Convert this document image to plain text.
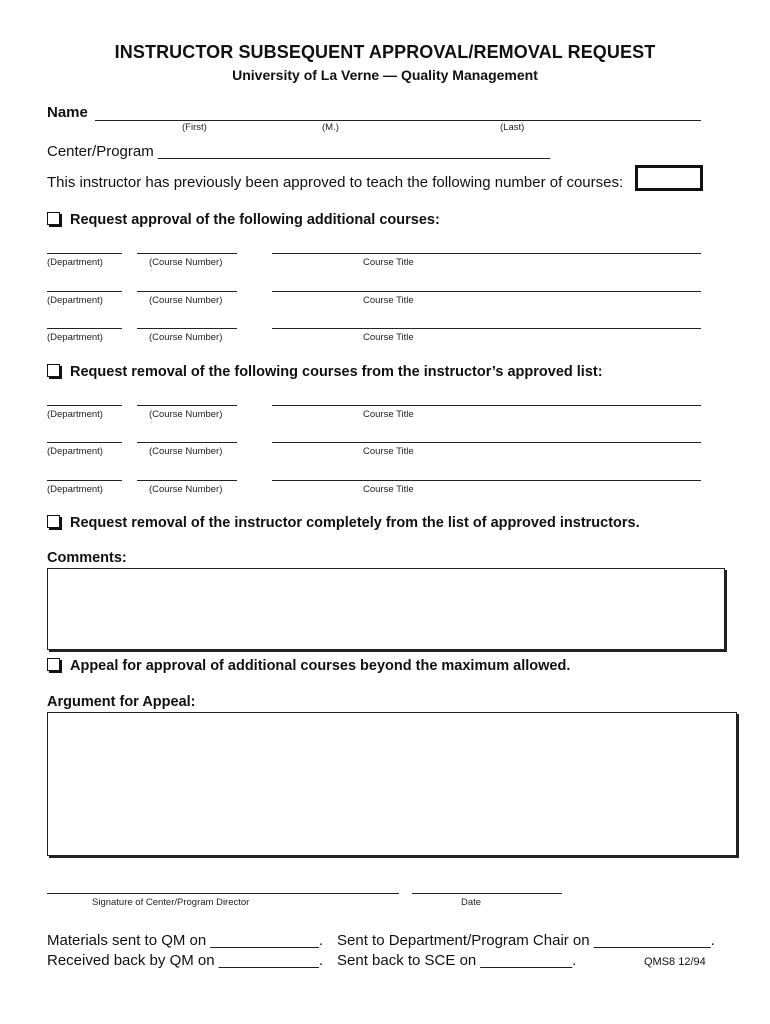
INSTRUCTOR SUBSEQUENT APPROVAL/REMOVAL REQUEST
University of La Verne — Quality Management
Name
(First)	(M.)	(Last)
Center/Program _______________________________________________
This instructor has previously been approved to teach the following number of courses:
Request approval of the following additional courses:
(Department)	(Course Number)	Course Title
(Department)	(Course Number)	Course Title
(Department)	(Course Number)	Course Title
Request removal of the following courses from the instructor’s approved list:
(Department)	(Course Number)	Course Title
(Department)	(Course Number)	Course Title
(Department)	(Course Number)	Course Title
Request removal of the instructor completely from the list of approved instructors.
Comments:
Appeal for approval of additional courses beyond the maximum allowed.
Argument for Appeal:
Signature of Center/Program Director	Date
Materials sent to QM on _____________. Sent to Department/Program Chair on ______________.
Received back by QM on ____________. Sent back to SCE on ___________.	QMS8 12/94
